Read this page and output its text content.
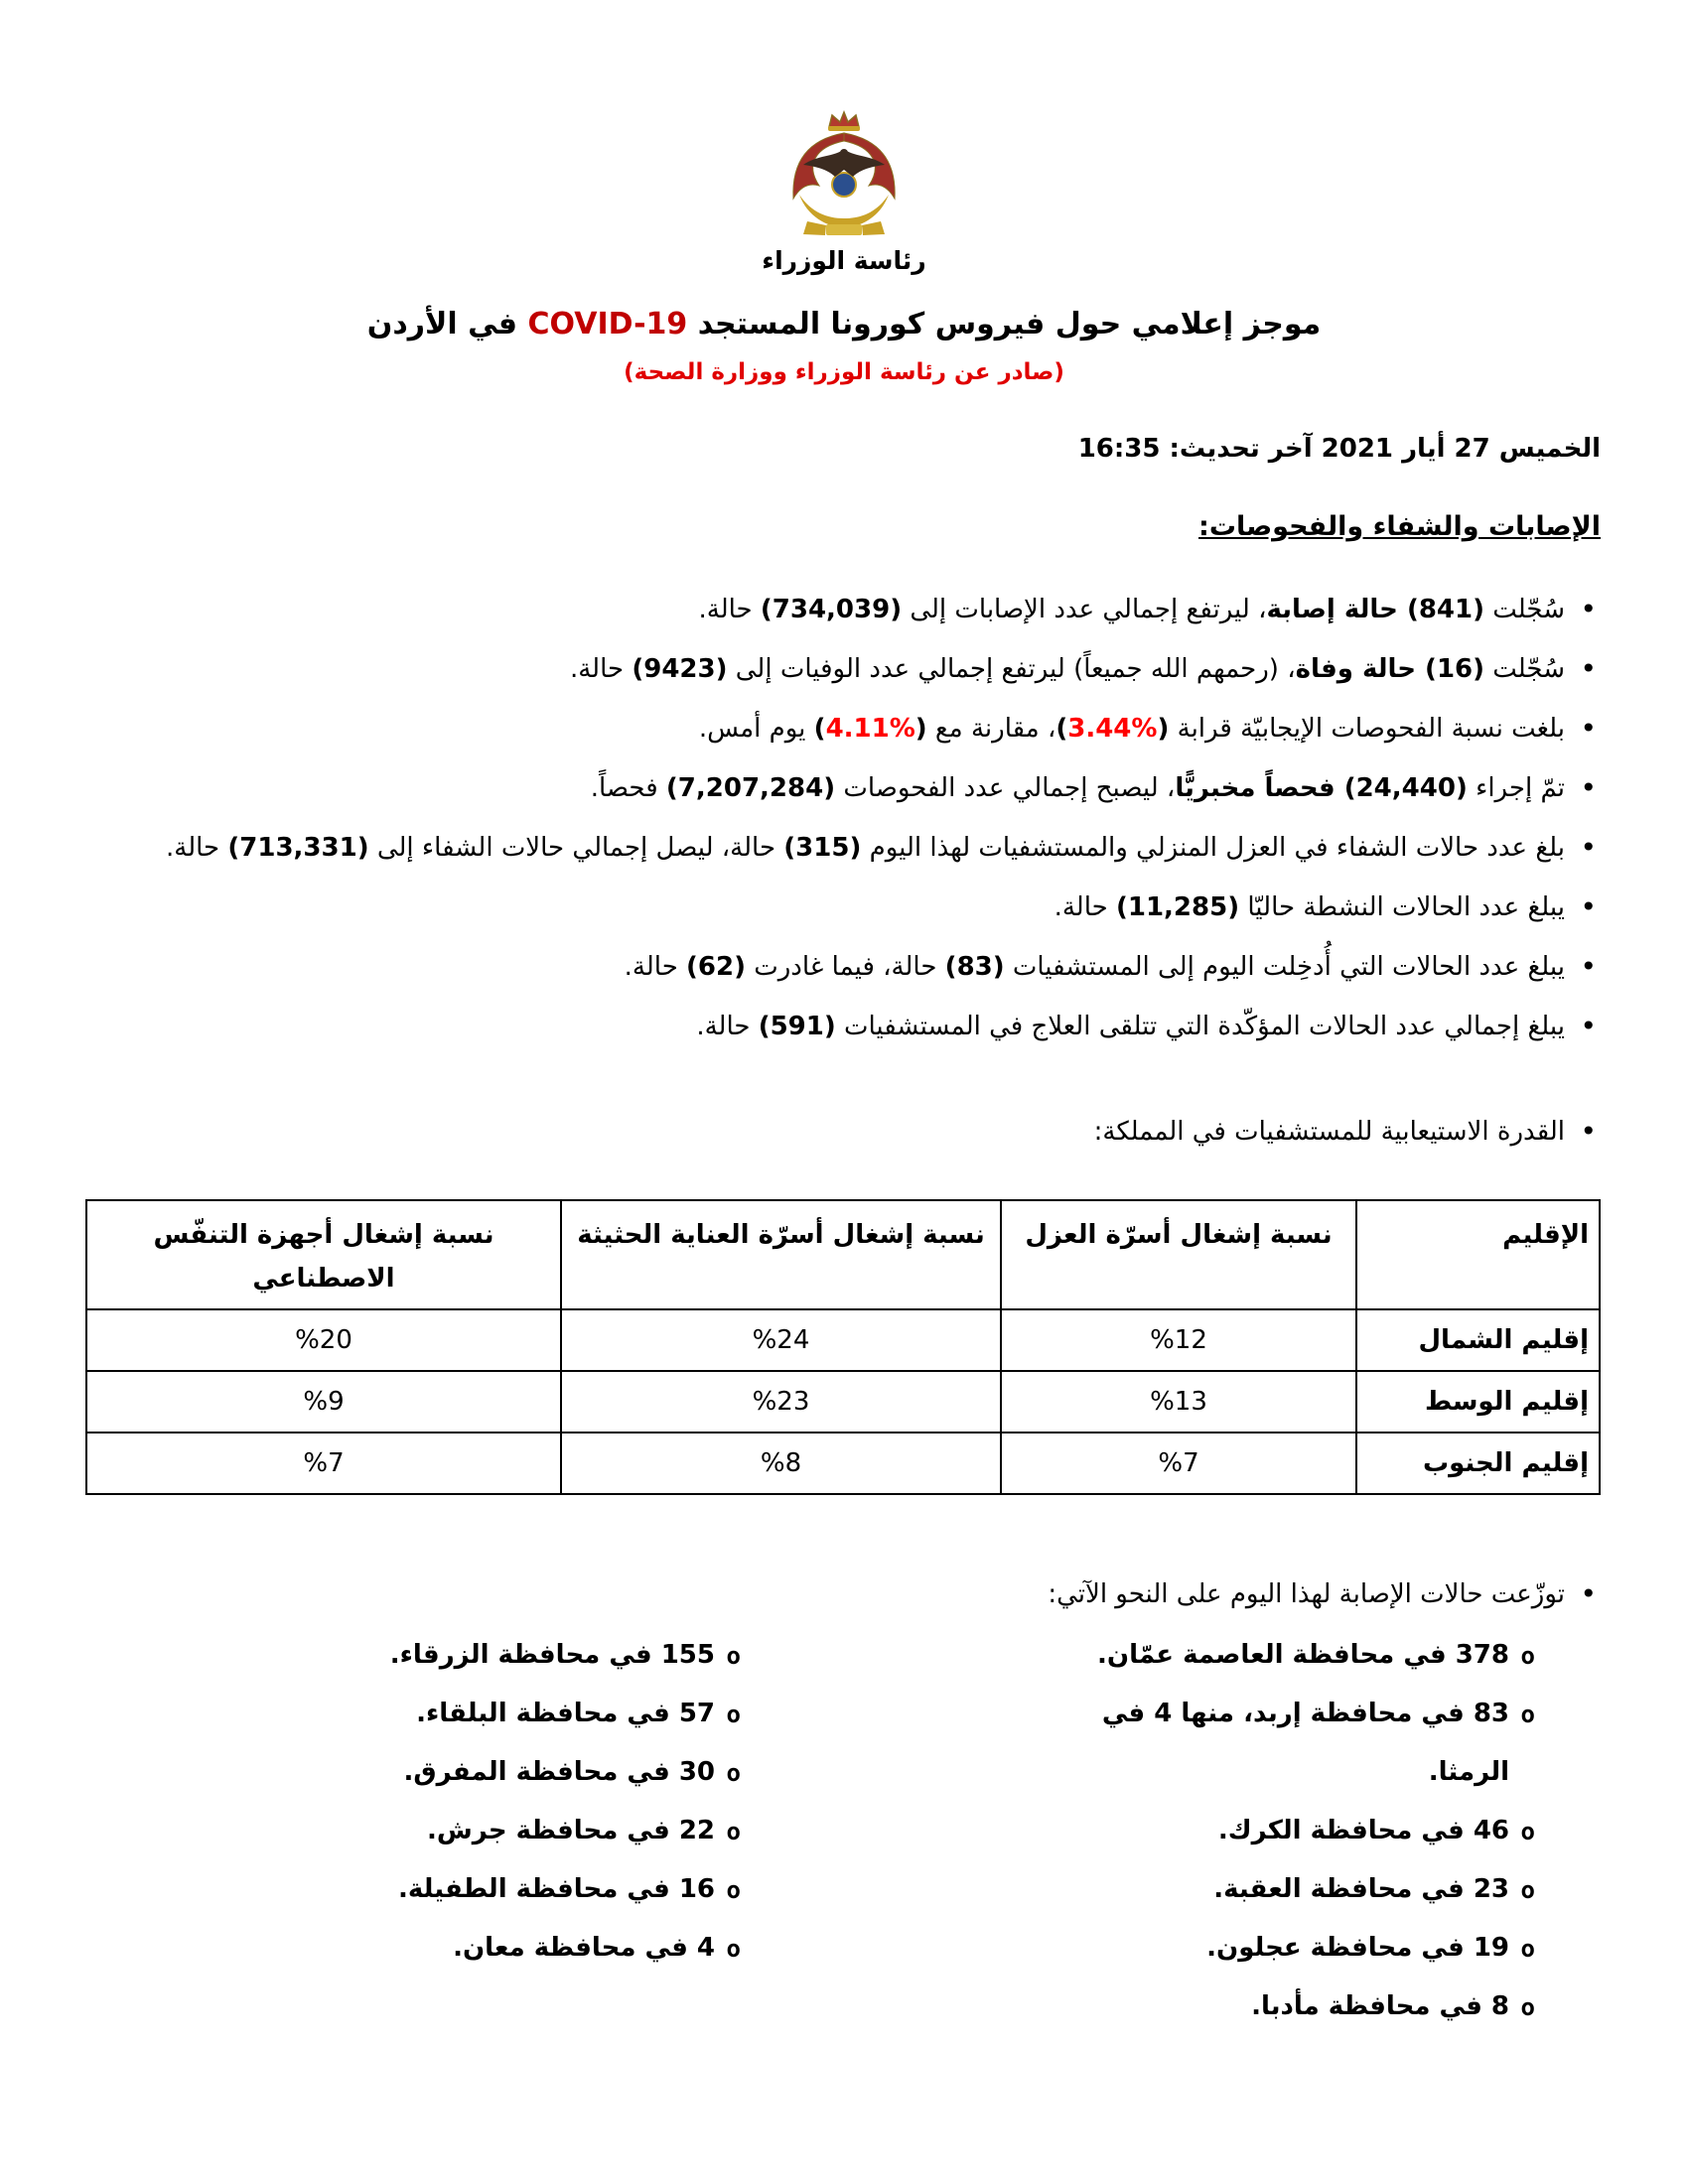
رئاسة الوزراء
موجز إعلامي حول فيروس كورونا المستجد COVID-19 في الأردن
(صادر عن رئاسة الوزراء ووزارة الصحة)
الخميس 27 أيار 2021 آخر تحديث: 16:35
الإصابات والشفاء والفحوصات:
• سُجّلت (841) حالة إصابة، ليرتفع إجمالي عدد الإصابات إلى (734,039) حالة.
• سُجّلت (16) حالة وفاة، (رحمهم الله جميعاً) ليرتفع إجمالي عدد الوفيات إلى (9423) حالة.
• بلغت نسبة الفحوصات الإيجابيّة قرابة (%3.44)، مقارنة مع (%4.11) يوم أمس.
• تمّ إجراء (24,440) فحصاً مخبريًّا، ليصبح إجمالي عدد الفحوصات (7,207,284) فحصاً.
• بلغ عدد حالات الشفاء في العزل المنزلي والمستشفيات لهذا اليوم (315) حالة، ليصل إجمالي حالات الشفاء إلى (713,331) حالة.
• يبلغ عدد الحالات النشطة حاليّا (11,285) حالة.
• يبلغ عدد الحالات التي أُدخِلت اليوم إلى المستشفيات (83) حالة، فيما غادرت (62) حالة.
• يبلغ إجمالي عدد الحالات المؤكّدة التي تتلقى العلاج في المستشفيات (591) حالة.
• القدرة الاستيعابية للمستشفيات في المملكة:
الإقليم	نسبة إشغال أسرّة العزل	نسبة إشغال أسرّة العناية الحثيثة	نسبة إشغال أجهزة التنفّس الاصطناعي
إقليم الشمال	%12	%24	%20
إقليم الوسط	%13	%23	%9
إقليم الجنوب	%7	%8	%7
• توزّعت حالات الإصابة لهذا اليوم على النحو الآتي:
o 378 في محافظة العاصمة عمّان.
o 83 في محافظة إربد، منها 4 في الرمثا.
o 46 في محافظة الكرك.
o 23 في محافظة العقبة.
o 19 في محافظة عجلون.
o 8 في محافظة مأدبا.
o 155 في محافظة الزرقاء.
o 57 في محافظة البلقاء.
o 30 في محافظة المفرق.
o 22 في محافظة جرش.
o 16 في محافظة الطفيلة.
o 4 في محافظة معان.
